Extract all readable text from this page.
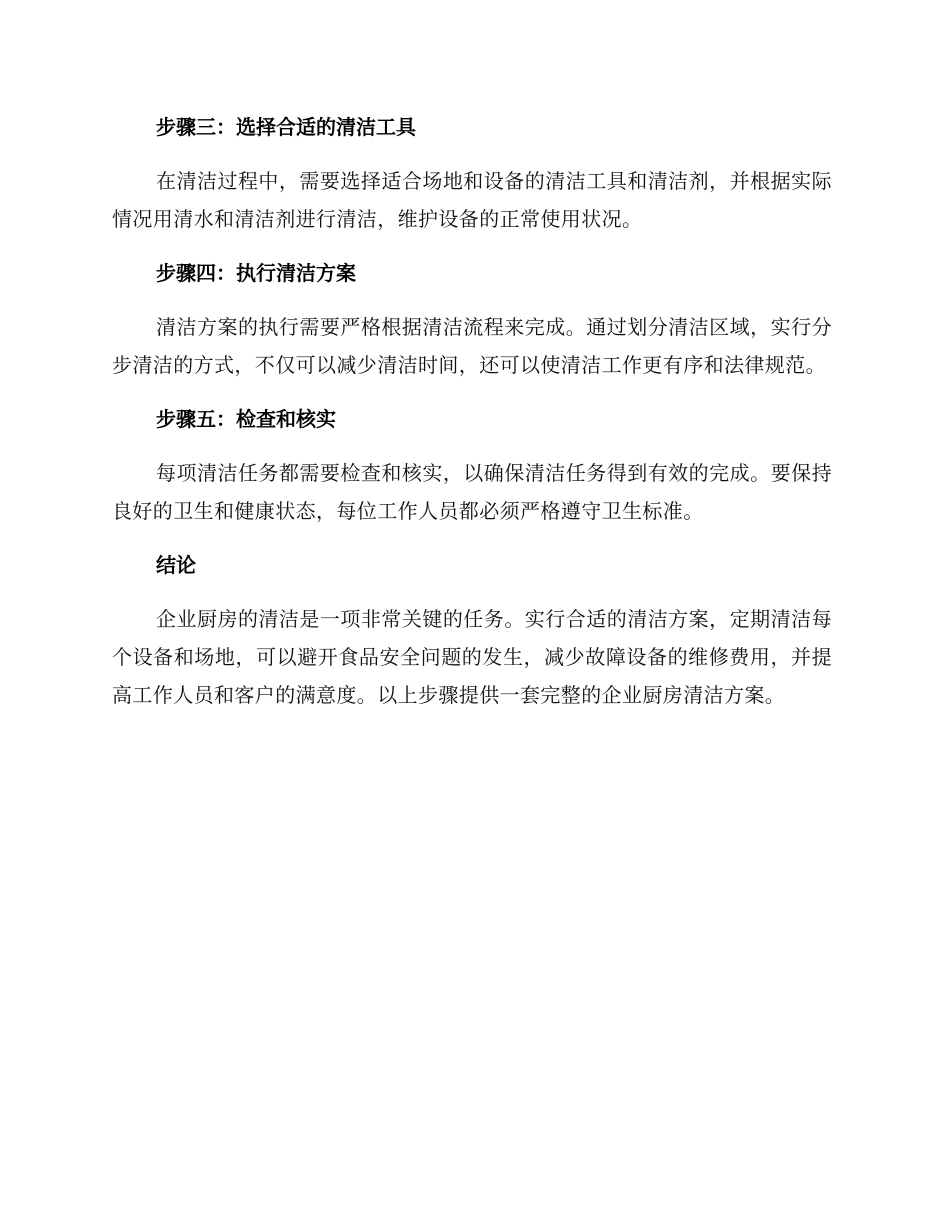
步骤三：选择合适的清洁工具

在清洁过程中，需要选择适合场地和设备的清洁工具和清洁剂，并根据实际情况用清水和清洁剂进行清洁，维护设备的正常使用状况。

步骤四：执行清洁方案

清洁方案的执行需要严格根据清洁流程来完成。通过划分清洁区域，实行分步清洁的方式，不仅可以减少清洁时间，还可以使清洁工作更有序和法律规范。

步骤五：检查和核实

每项清洁任务都需要检查和核实，以确保清洁任务得到有效的完成。要保持良好的卫生和健康状态，每位工作人员都必须严格遵守卫生标准。

结论

企业厨房的清洁是一项非常关键的任务。实行合适的清洁方案，定期清洁每个设备和场地，可以避开食品安全问题的发生，减少故障设备的维修费用，并提高工作人员和客户的满意度。以上步骤提供一套完整的企业厨房清洁方案。
